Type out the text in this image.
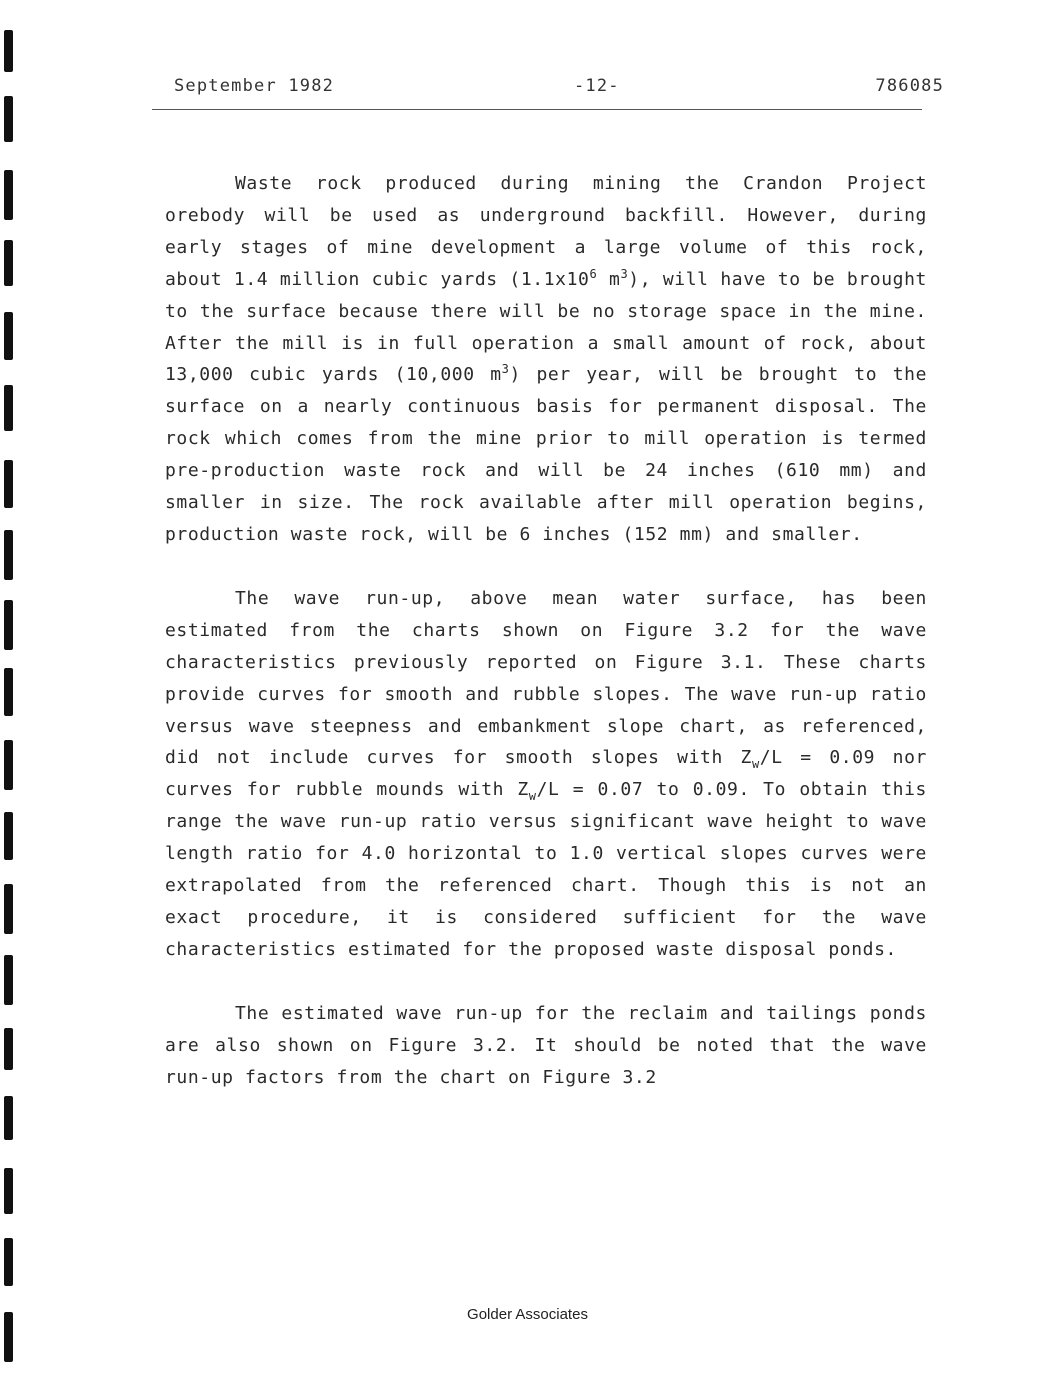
September 1982	-12-	786085

Waste rock produced during mining the Crandon Project orebody will be used as underground backfill. However, during early stages of mine development a large volume of this rock, about 1.4 million cubic yards ($1.1x10^6$ $m^3$), will have to be brought to the surface because there will be no storage space in the mine. After the mill is in full operation a small amount of rock, about 13,000 cubic yards (10,000 $m^3$) per year, will be brought to the surface on a nearly continuous basis for permanent disposal. The rock which comes from the mine prior to mill operation is termed pre-production waste rock and will be 24 inches (610 mm) and smaller in size. The rock available after mill operation begins, production waste rock, will be 6 inches (152 mm) and smaller.

The wave run-up, above mean water surface, has been estimated from the charts shown on Figure 3.2 for the wave characteristics previously reported on Figure 3.1. These charts provide curves for smooth and rubble slopes. The wave run-up ratio versus wave steepness and embankment slope chart, as referenced, did not include curves for smooth slopes with $Z_w/L = 0.09$ nor curves for rubble mounds with $Z_w/L = 0.07$ to 0.09. To obtain this range the wave run-up ratio versus significant wave height to wave length ratio for 4.0 horizontal to 1.0 vertical slopes curves were extrapolated from the referenced chart. Though this is not an exact procedure, it is considered sufficient for the wave characteristics estimated for the proposed waste disposal ponds.

The estimated wave run-up for the reclaim and tailings ponds are also shown on Figure 3.2. It should be noted that the wave run-up factors from the chart on Figure 3.2

Golder Associates
